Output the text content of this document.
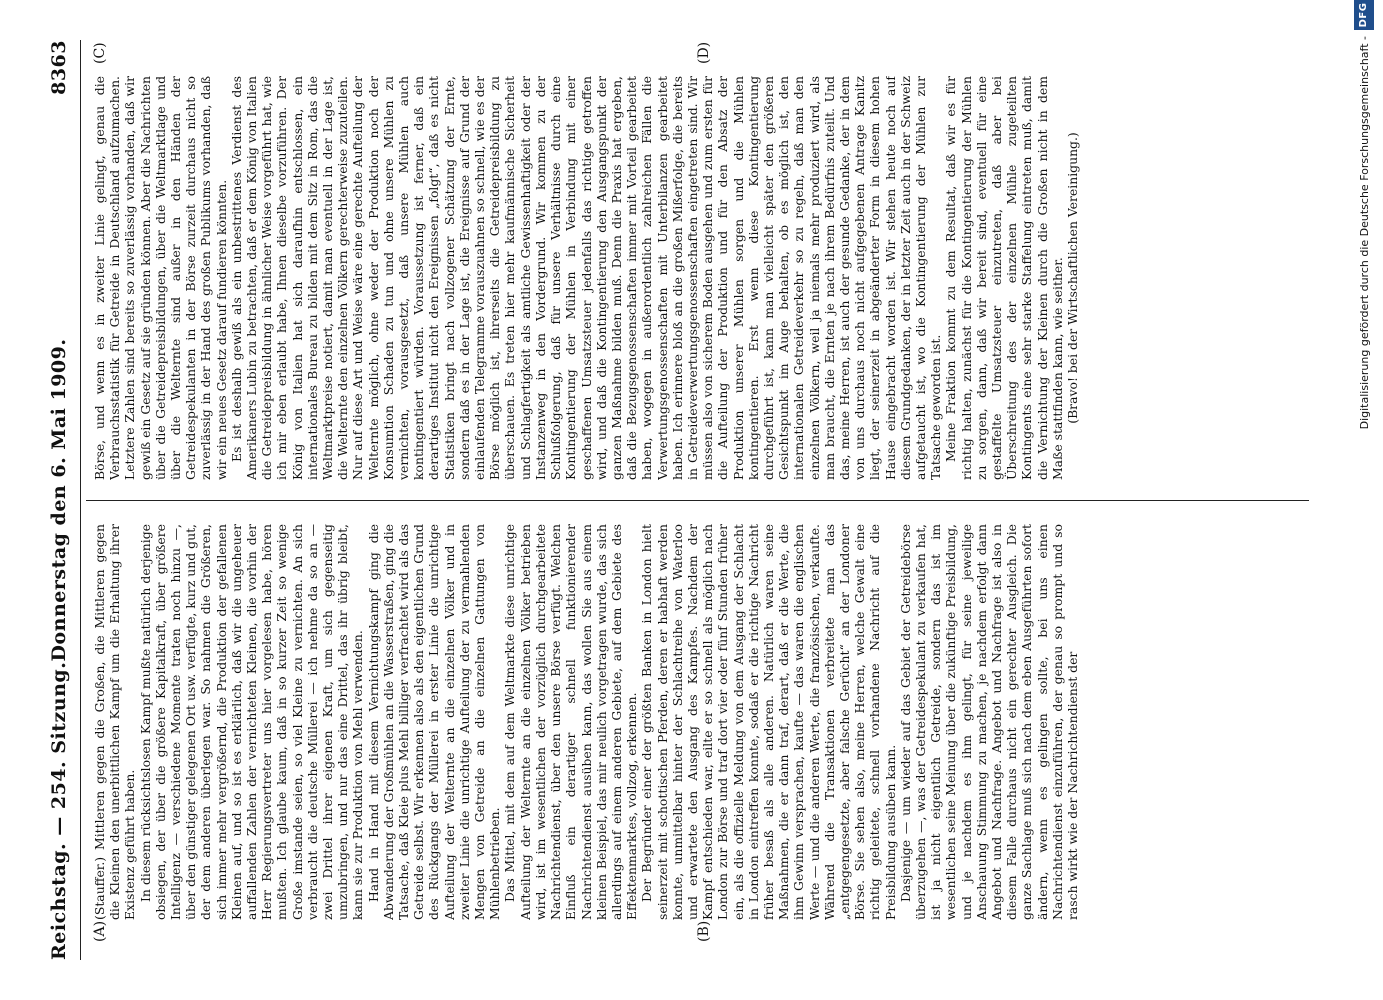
Reichstag. — 254. Sitzung.
Donnerstag den 6. Mai 1909.
8363
(A)	(B)
(C)	(D)

(Stauffer.) Mittleren gegen die Großen, die Mittleren gegen die Kleinen den unerbittlichen Kampf um die Erhaltung ihrer Existenz geführt haben. In diesem rücksichtslosen Kampf mußte natürlich derjenige obsiegen, der über die größere Kapitalkraft, über größere Intelligenz — verschiedene Momente traten noch hinzu —, über den günstiger gelegenen Ort usw. verfügte, kurz und gut, der dem anderen überlegen war. So nahmen die Größeren, sich immer mehr vergrößernd, die Produktion der gefallenen Kleinen auf, und so ist es erklärlich, daß wir die ungeheuer auffallenden Zahlen der vernichteten Kleinen, die vorhin der Herr Regierungsvertreter uns hier vorgelesen habe, hören mußten. Ich glaube kaum, daß in so kurzer Zeit so wenige Große imstande seien, so viel Kleine zu vernichten. An sich verbraucht die deutsche Müllerei — ich nehme da so an — zwei Drittel ihrer eigenen Kraft, um sich gegenseitig umzubringen, und nur das eine Drittel, das ihr übrig bleibt, kann sie zur Produktion von Mehl verwenden. Hand in Hand mit diesem Vernichtungskampf ging die Abwanderung der Großmühlen an die Wasserstraßen, ging die Tatsache, daß Kleie plus Mehl billiger verfrachtet wird als das Getreide selbst. Wir erkennen also als den eigentlichen Grund des Rückgangs der Müllerei in erster Linie die unrichtige Aufteilung der Welternte an die einzelnen Völker und in zweiter Linie die unrichtige Aufteilung der zu vermahlenden Mengen von Getreide an die einzelnen Gattungen von Mühlenbetrieben. Das Mittel, mit dem auf dem Weltmarkte diese unrichtige Aufteilung der Welternte an die einzelnen Völker betrieben wird, ist im wesentlichen der vorzüglich durchgearbeitete Nachrichtendienst, über den unsere Börse verfügt. Welchen Einfluß ein derartiger schnell funktionierender Nachrichtendienst ausüben kann, das wollen Sie aus einem kleinen Beispiel, das mir neulich vorgetragen wurde, das sich allerdings auf einem anderen Gebiete, auf dem Gebiete des Effektenmarktes, vollzog, erkennen. Der Begründer einer der größten Banken in London hielt seinerzeit mit schottischen Pferden, deren er habhaft werden konnte, unmittelbar hinter der Schlachtreihe von Waterloo und erwartete den Ausgang des Kampfes. Nachdem der Kampf entschieden war, eilte er so schnell als möglich nach London zur Börse und traf dort vier oder fünf Stunden früher ein, als die offizielle Meldung von dem Ausgang der Schlacht in London eintreffen konnte, sodaß er die richtige Nachricht früher besaß als alle anderen. Natürlich waren seine Maßnahmen, die er dann traf, derart, daß er die Werte, die ihm Gewinn versprachen, kaufte — das waren die englischen Werte — und die anderen Werte, die französischen, verkaufte. Während die Transaktionen verbreitete man das „entgegengesetzte, aber falsche Gerücht“ an der Londoner Börse. Sie sehen also, meine Herren, welche Gewalt eine richtig geleitete, schnell vorhandene Nachricht auf die Preisbildung ausüben kann. Dasjenige — um wieder auf das Gebiet der Getreidebörse überzugehen —, was der Getreidespekulant zu verkaufen hat, ist ja nicht eigentlich Getreide, sondern das ist im wesentlichen seine Meinung über die zukünftige Preisbildung, und je nachdem es ihm gelingt, für seine jeweilige Anschauung Stimmung zu machen, je nachdem erfolgt dann Angebot und Nachfrage. Angebot und Nachfrage ist also in diesem Falle durchaus nicht ein gerechter Ausgleich. Die ganze Sachlage muß sich nach dem eben Ausgeführten sofort ändern, wenn es gelingen sollte, bei uns einen Nachrichtendienst einzuführen, der genau so prompt und so rasch wirkt wie der Nachrichtendienst der

Börse, und wenn es in zweiter Linie gelingt, genau die Verbrauchsstatistik für Getreide in Deutschland aufzumachen. Letztere Zahlen sind bereits so zuverlässig vorhanden, daß wir gewiß ein Gesetz auf sie gründen können. Aber die Nachrichten über die Getreidepreisbildungen, über die Weltmarktlage und über die Welternte sind außer in den Händen der Getreidespekulanten in der Börse zurzeit durchaus nicht so zuverlässig in der Hand des großen Publikums vorhanden, daß wir ein neues Gesetz darauf fundieren könnten. Es ist deshalb gewiß als ein unbestrittenes Verdienst des Amerikaners Lubin zu betrachten, daß er dem König von Italien die Getreidepreisbildung in ähnlicher Weise vorgeführt hat, wie ich mir eben erlaubt habe, Ihnen dieselbe vorzuführen. Der König von Italien hat sich daraufhin entschlossen, ein internationales Bureau zu bilden mit dem Sitz in Rom, das die Weltmarktpreise notiert, damit man eventuell in der Lage ist, die Welternte den einzelnen Völkern gerechterweise zuzuteilen. Nur auf diese Art und Weise wäre eine gerechte Aufteilung der Welternte möglich, ohne weder der Produktion noch der Konsumtion Schaden zu tun und ohne unsere Mühlen zu vernichten, vorausgesetzt, daß unsere Mühlen auch kontingentiert würden. Voraussetzung ist ferner, daß ein derartiges Institut nicht den Ereignissen „folgt“, daß es nicht Statistiken bringt nach vollzogener Schätzung der Ernte, sondern daß es in der Lage ist, die Ereignisse auf Grund der einlaufenden Telegramme vorauszuahnen so schnell, wie es der Börse möglich ist, ihrerseits die Getreidepreisbildung zu überschauen. Es treten hier mehr kaufmännische Sicherheit und Schlagfertigkeit als amtliche Gewissenhaftigkeit oder der Instanzenweg in den Vordergrund. Wir kommen zu der Schlußfolgerung, daß für unsere Verhältnisse durch eine Kontingentierung der Mühlen in Verbindung mit einer geschaffenen Umsatzsteuer jedenfalls das richtige getroffen wird, und daß die Kontingentierung den Ausgangspunkt der ganzen Maßnahme bilden muß. Denn die Praxis hat ergeben, daß die Bezugsgenossenschaften immer mit Vorteil gearbeitet haben, wogegen in außerordentlich zahlreichen Fällen die Verwertungsgenossenschaften mit Unterbilanzen gearbeitet haben. Ich erinnere bloß an die großen Mißerfolge, die bereits in Getreideverwertungsgenossenschaften eingetreten sind. Wir müssen also von sicherem Boden ausgehen und zum ersten für die Aufteilung der Produktion und für den Absatz der Produktion unserer Mühlen sorgen und die Mühlen kontingentieren. Erst wenn diese Kontingentierung durchgeführt ist, kann man vielleicht später den größeren Gesichtspunkt im Auge behalten, ob es möglich ist, den internationalen Getreideverkehr so zu regeln, daß man den einzelnen Völkern, weil ja niemals mehr produziert wird, als man braucht, die Ernten je nach ihrem Bedürfnis zuteilt. Und das, meine Herren, ist auch der gesunde Gedanke, der in dem von uns durchaus noch nicht aufgegebenen Antrage Kanitz liegt, der seinerzeit in abgeänderter Form in diesem hohen Hause eingebracht worden ist. Wir stehen heute noch auf diesem Grundgedanken, der in letzter Zeit auch in der Schweiz aufgetaucht ist, wo die Kontingentierung der Mühlen zur Tatsache geworden ist. Meine Fraktion kommt zu dem Resultat, daß wir es für richtig halten, zunächst für die Kontingentierung der Mühlen zu sorgen, dann, daß wir bereit sind, eventuell für eine gestaffelte Umsatzsteuer einzutreten, daß aber bei Überschreitung des der einzelnen Mühle zugeteilten Kontingents eine sehr starke Staffelung eintreten muß, damit die Vernichtung der Kleinen durch die Großen nicht in dem Maße stattfinden kann, wie seither. (Bravo! bei der Wirtschaftlichen Vereinigung.)	Digitalisierung gefördert durch die Deutsche Forschungsgemeinschaft -
DFG
